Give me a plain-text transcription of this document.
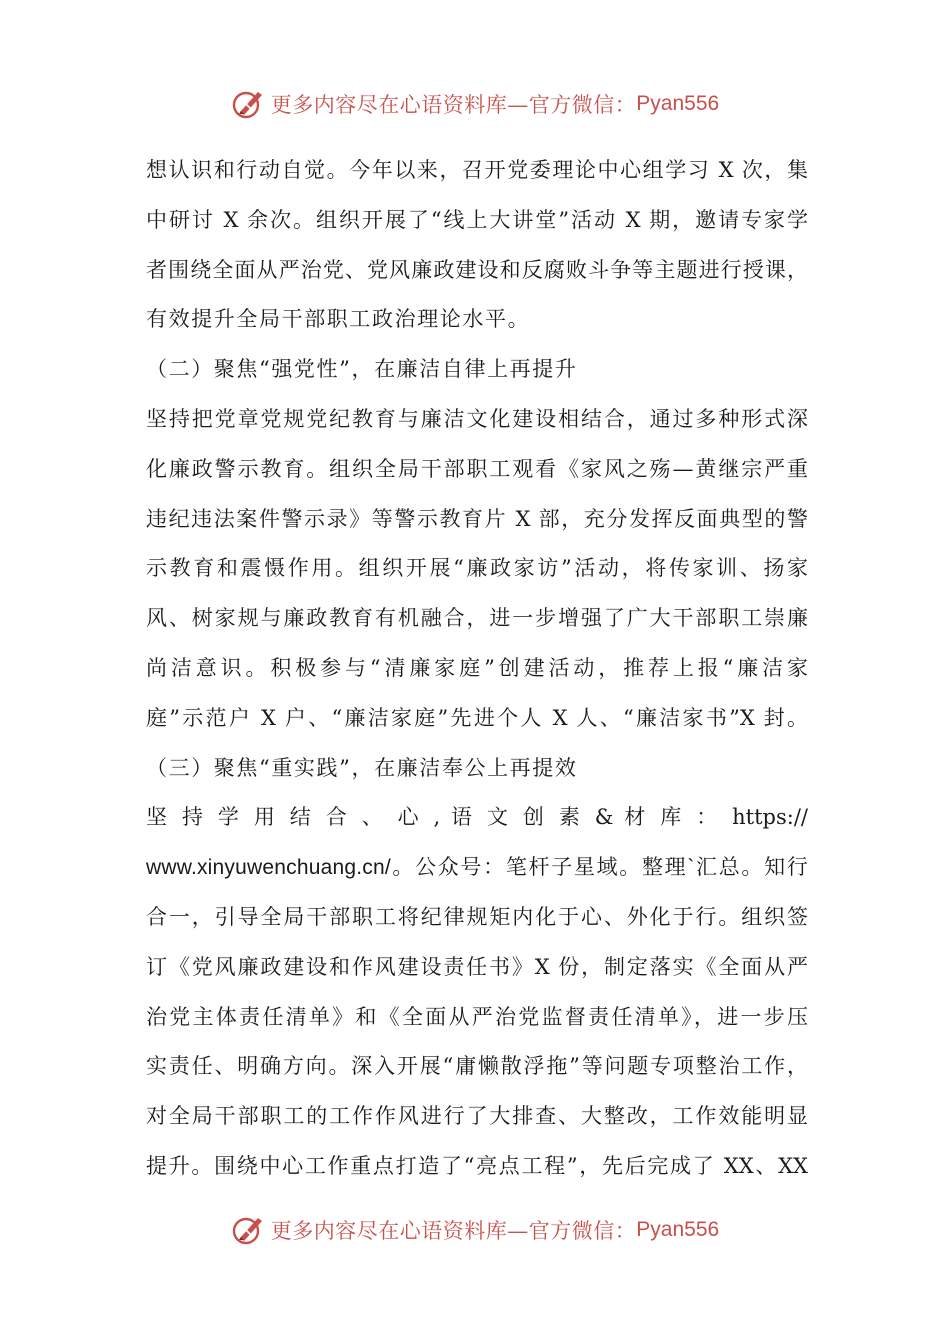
更多内容尽在心语资料库—官方微信： Pyan556
想认识和行动自觉。今年以来，召开党委理论中心组学习 X 次，集
中研讨 X 余次。组织开展了“线上大讲堂”活动 X 期，邀请专家学
者围绕全面从严治党、党风廉政建设和反腐败斗争等主题进行授课，
有效提升全局干部职工政治理论水平。
（二）聚焦“强党性”，在廉洁自律上再提升
坚持把党章党规党纪教育与廉洁文化建设相结合，通过多种形式深
化廉政警示教育。组织全局干部职工观看《家风之殇—黄继宗严重
违纪违法案件警示录》等警示教育片 X 部，充分发挥反面典型的警
示教育和震慑作用。组织开展“廉政家访”活动，将传家训、扬家
风、树家规与廉政教育有机融合，进一步增强了广大干部职工崇廉
尚洁意识。积极参与“清廉家庭”创建活动，推荐上报“廉洁家
庭”示范户 X 户、“廉洁家庭”先进个人 X 人、“廉洁家书”X 封。
（三）聚焦“重实践”，在廉洁奉公上再提效
坚 持 学 用 结 合 、 心 , 语 文 创 素 & 材 库 ： https://
www.xinyuwenchuang.cn/。公众号：笔杆子星域。整理`汇总。知行
合一，引导全局干部职工将纪律规矩内化于心、外化于行。组织签
订《党风廉政建设和作风建设责任书》X 份，制定落实《全面从严
治党主体责任清单》和《全面从严治党监督责任清单》，进一步压
实责任、明确方向。深入开展“庸懒散浮拖”等问题专项整治工作，
对全局干部职工的工作作风进行了大排查、大整改，工作效能明显
提升。围绕中心工作重点打造了“亮点工程”，先后完成了 XX、XX
更多内容尽在心语资料库—官方微信： Pyan556
